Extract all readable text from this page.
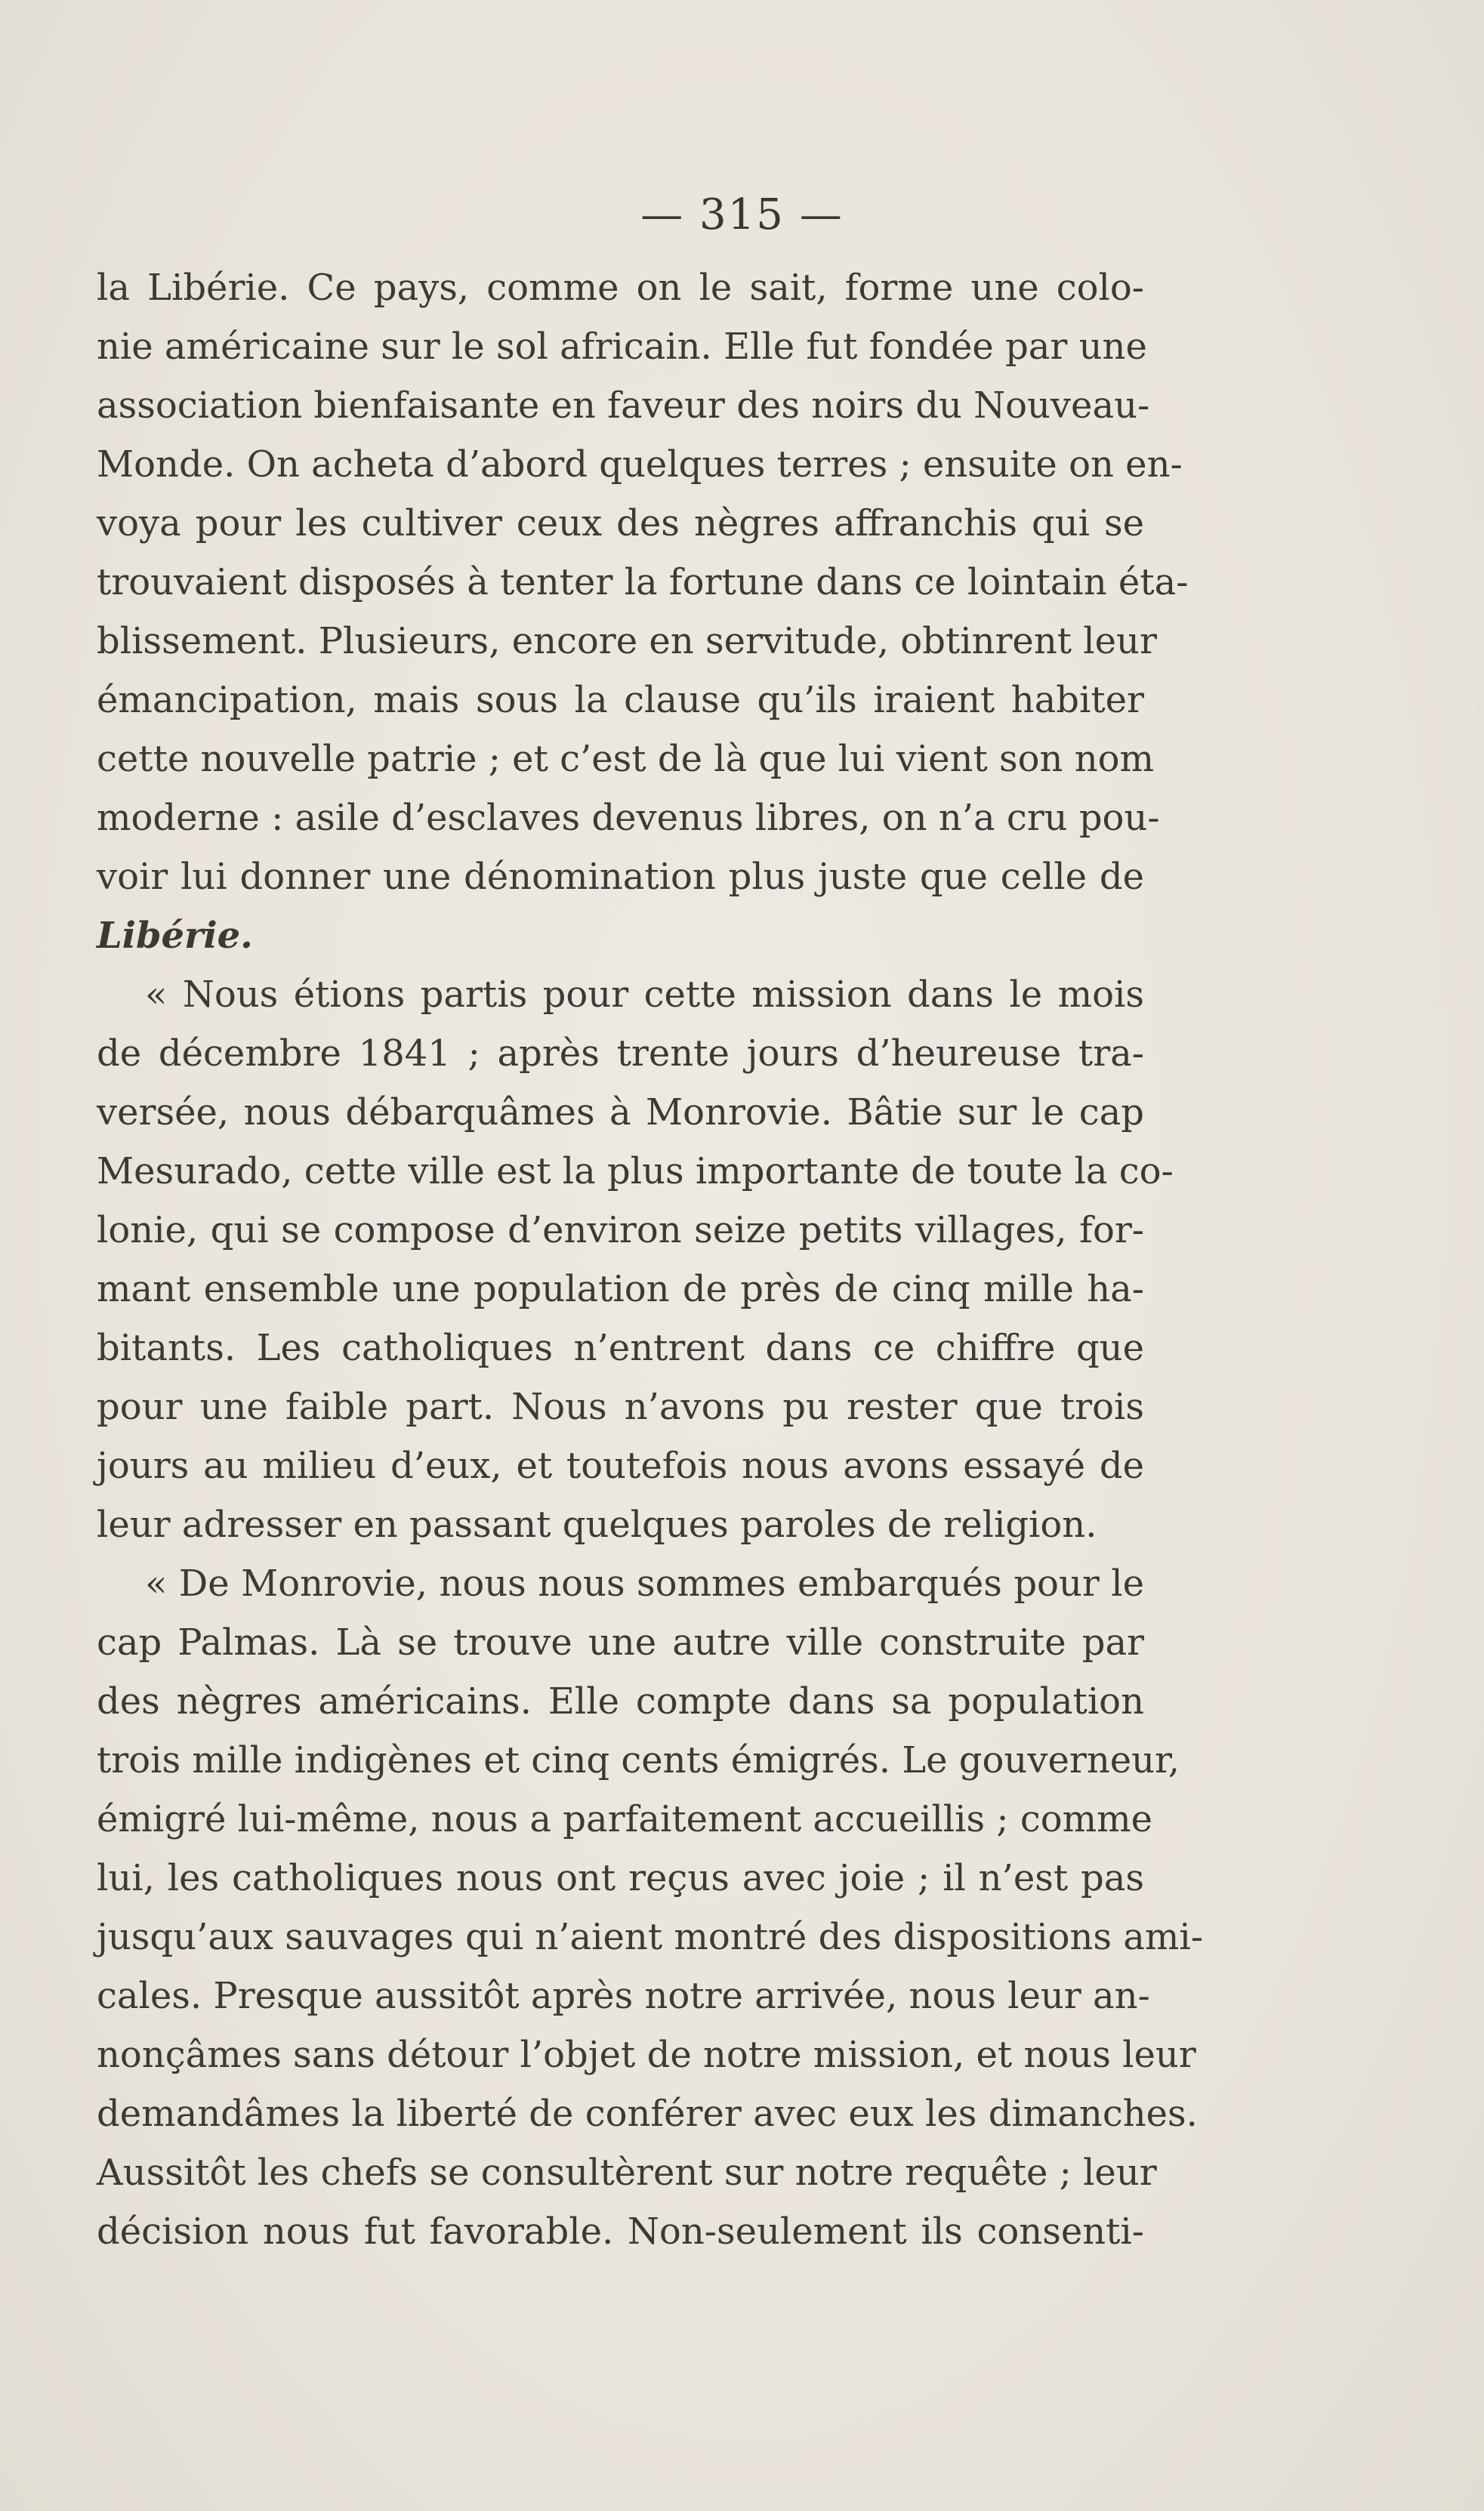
— 315 —
la Libérie. Ce pays, comme on le sait, forme une colo-
nie américaine sur le sol africain. Elle fut fondée par une
association bienfaisante en faveur des noirs du Nouveau-
Monde. On acheta d’abord quelques terres ; ensuite on en-
voya pour les cultiver ceux des nègres affranchis qui se
trouvaient disposés à tenter la fortune dans ce lointain éta-
blissement. Plusieurs, encore en servitude, obtinrent leur
émancipation, mais sous la clause qu’ils iraient habiter
cette nouvelle patrie ; et c’est de là que lui vient son nom
moderne : asile d’esclaves devenus libres, on n’a cru pou-
voir lui donner une dénomination plus juste que celle de
Libérie.
« Nous étions partis pour cette mission dans le mois
de décembre 1841 ; après trente jours d’heureuse tra-
versée, nous débarquâmes à Monrovie. Bâtie sur le cap
Mesurado, cette ville est la plus importante de toute la co-
lonie, qui se compose d’environ seize petits villages, for-
mant ensemble une population de près de cinq mille ha-
bitants. Les catholiques n’entrent dans ce chiffre que
pour une faible part. Nous n’avons pu rester que trois
jours au milieu d’eux, et toutefois nous avons essayé de
leur adresser en passant quelques paroles de religion.
« De Monrovie, nous nous sommes embarqués pour le
cap Palmas. Là se trouve une autre ville construite par
des nègres américains. Elle compte dans sa population
trois mille indigènes et cinq cents émigrés. Le gouverneur,
émigré lui-même, nous a parfaitement accueillis ; comme
lui, les catholiques nous ont reçus avec joie ; il n’est pas
jusqu’aux sauvages qui n’aient montré des dispositions ami-
cales. Presque aussitôt après notre arrivée, nous leur an-
nonçâmes sans détour l’objet de notre mission, et nous leur
demandâmes la liberté de conférer avec eux les dimanches.
Aussitôt les chefs se consultèrent sur notre requête ; leur
décision nous fut favorable. Non-seulement ils consenti-
